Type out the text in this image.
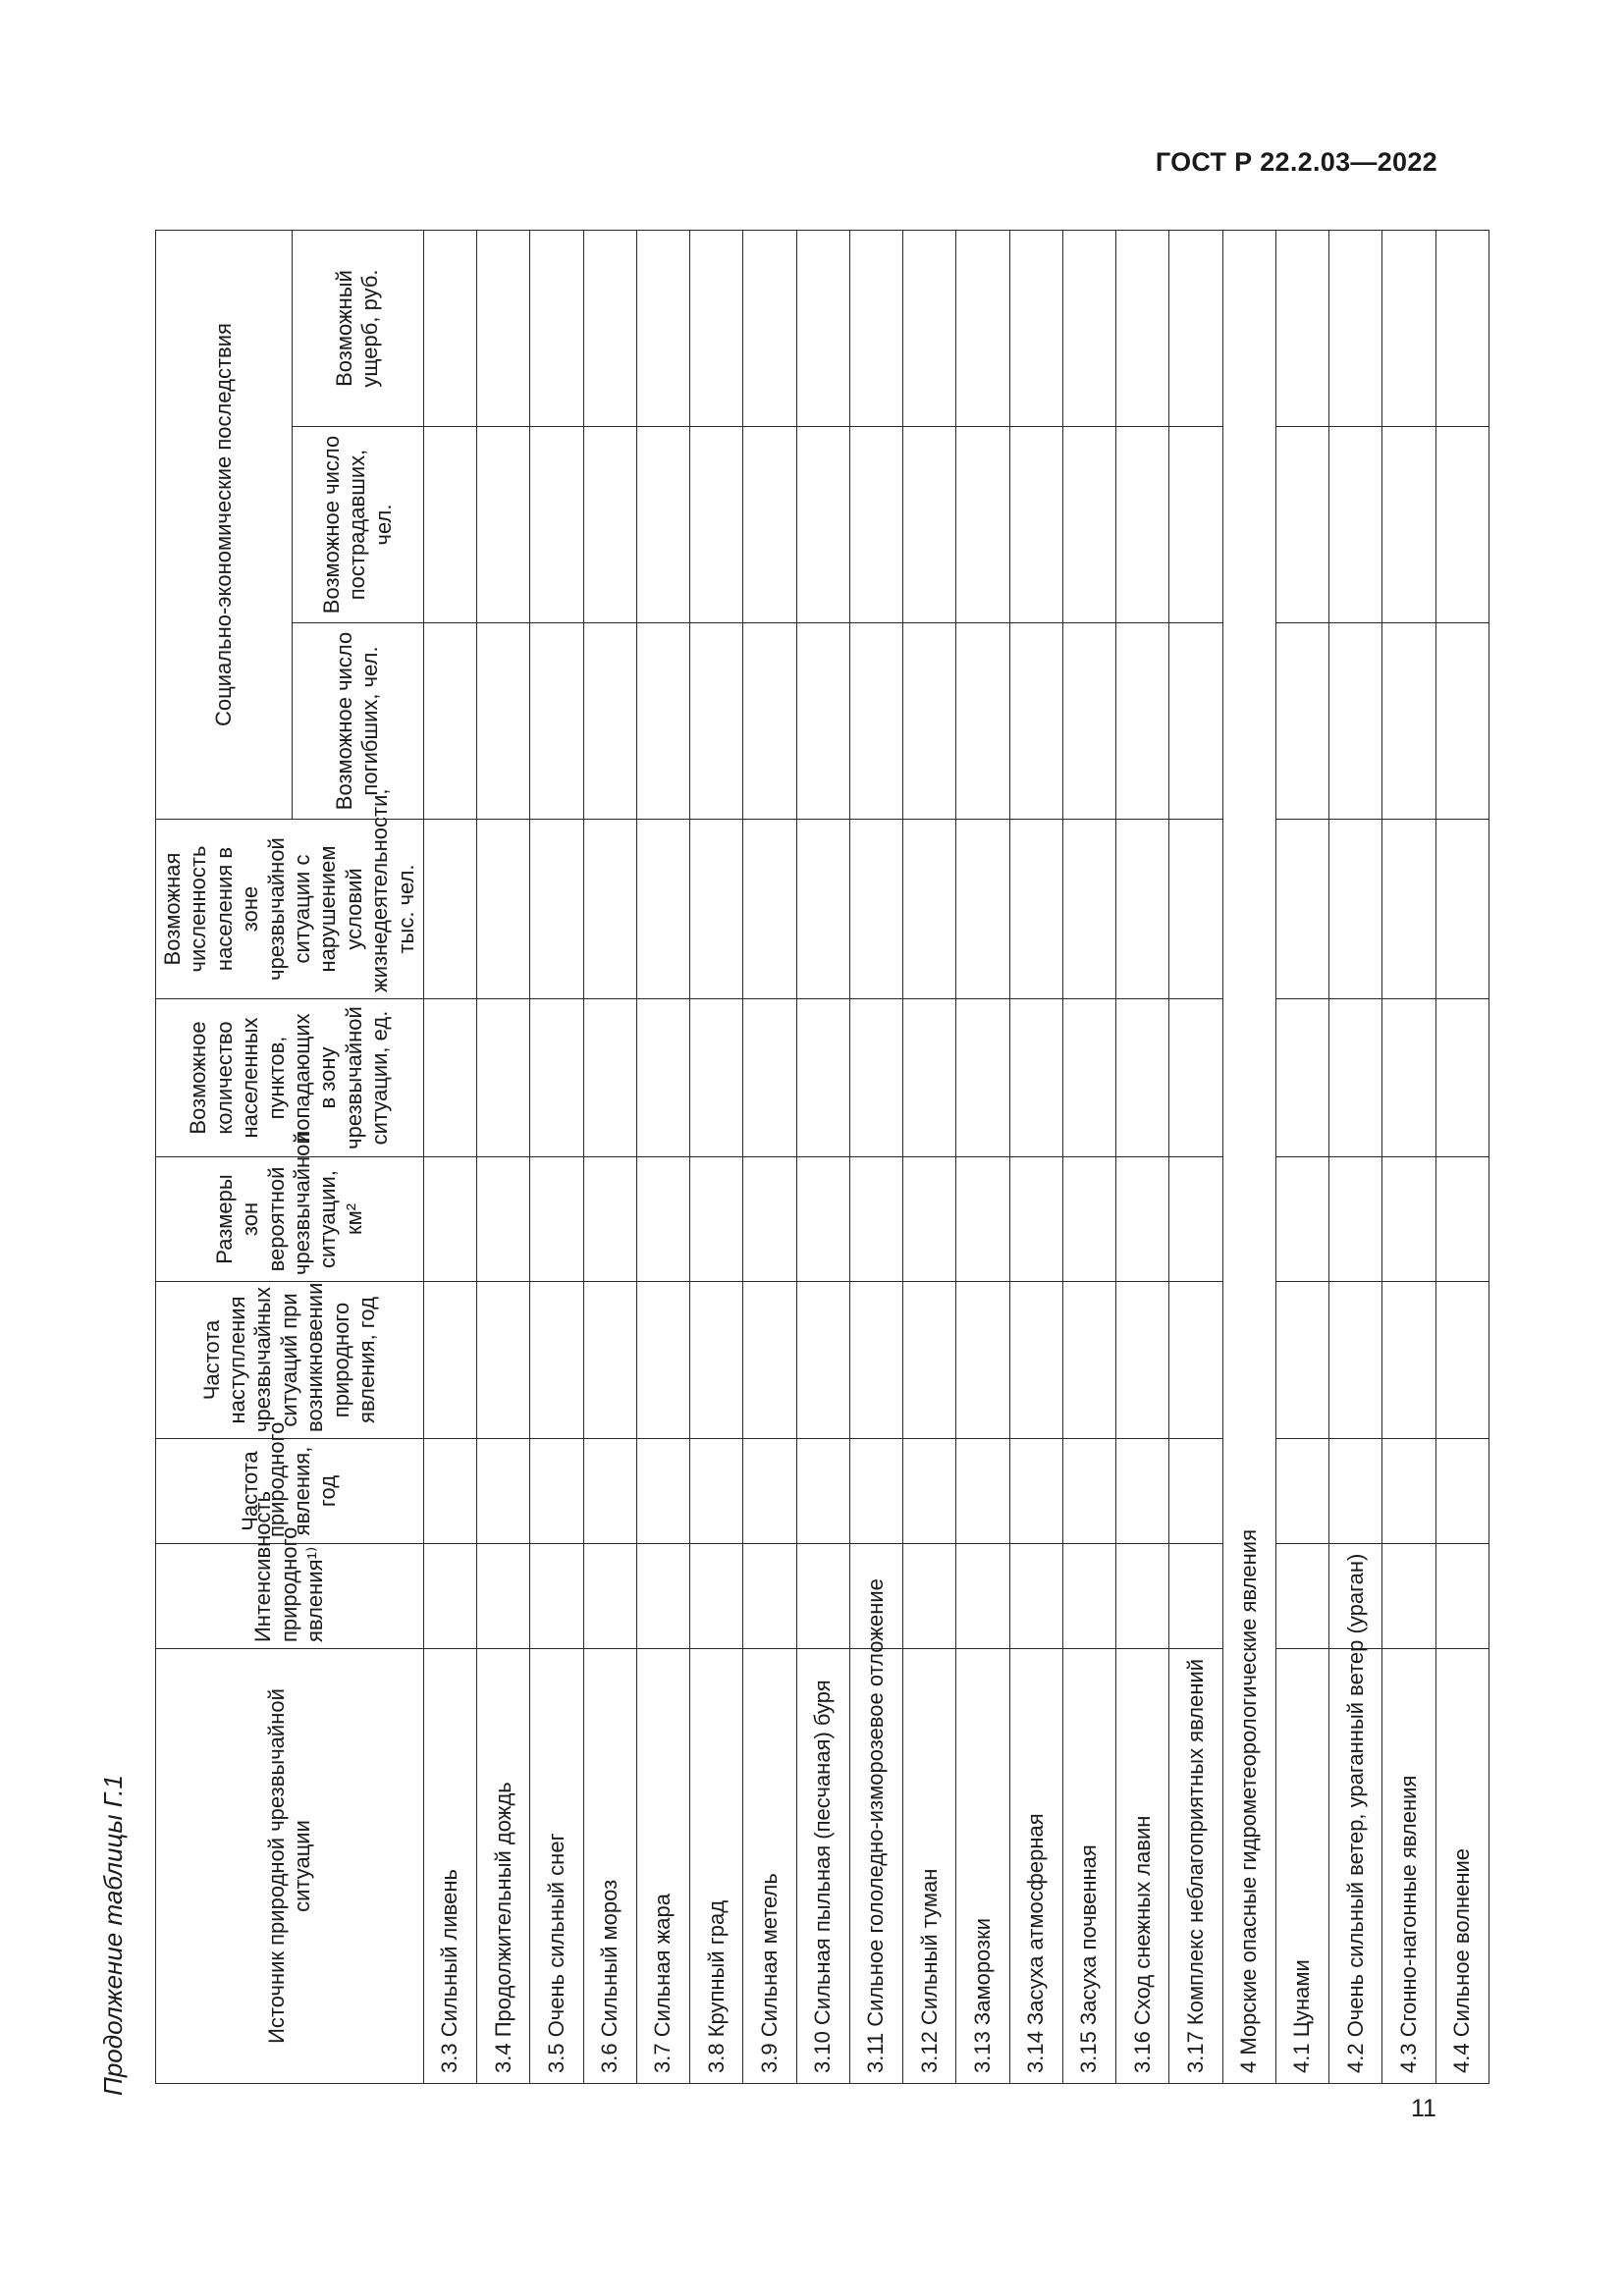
ГОСТ Р 22.2.03—2022
Продолжение таблицы Г.1	Источник природной чрезвычайной ситуации	Интенсивность природного явления¹⁾	Частота природного явления, год	Частота наступления чрезвычайных ситуаций при возникновении природного явления, год	Размеры зон вероятной чрезвычайной ситуации, км²	Возможное количество населенных пунктов, попадающих в зону чрезвычайной ситуации, ед.	Возможная численность населения в зоне чрезвычайной ситуации с нарушением условий жизнедеятельности, тыс. чел.	Социально-экономические последствия		
							Возможное число погибших, чел.	Возможное число пострадавших, чел.	Возможный ущерб, руб.
3.3 Сильный ливень									
3.4 Продолжительный дождь									
3.5 Очень сильный снег									
3.6 Сильный мороз									
3.7 Сильная жара									
3.8 Крупный град									
3.9 Сильная метель									
3.10 Сильная пыльная (песчаная) буря									
3.11 Сильное гололедно-изморозевое отложение									
3.12 Сильный туман									
3.13 Заморозки									
3.14 Засуха атмосферная									
3.15 Засуха почвенная									
3.16 Сход снежных лавин									
3.17 Комплекс неблагоприятных явлений									
4 Морские опасные гидрометеорологические явления									
4.1 Цунами									
4.2 Очень сильный ветер, ураганный ветер (ураган)									
4.3 Сгонно-нагонные явления									
4.4 Сильное волнение									
11
